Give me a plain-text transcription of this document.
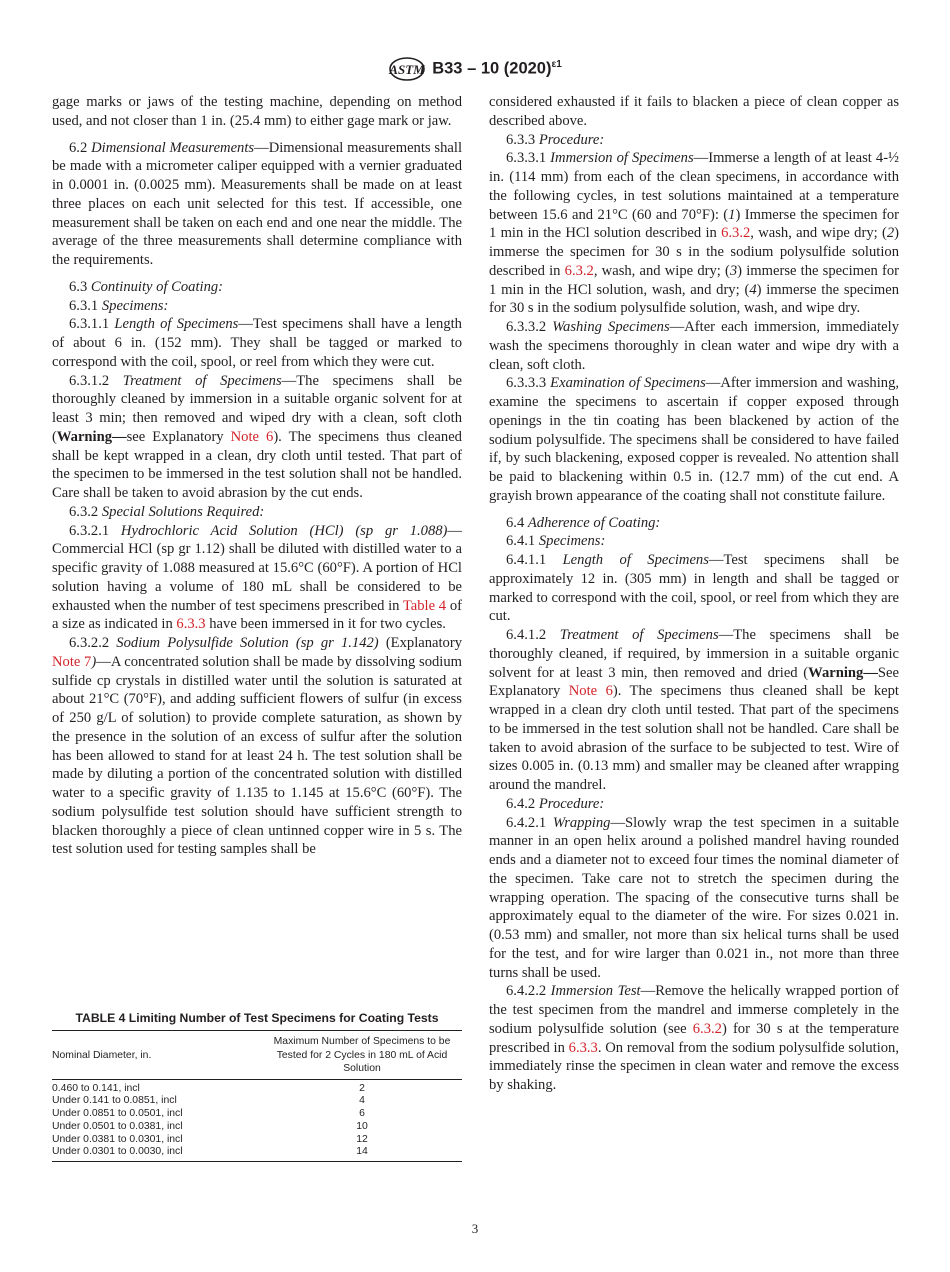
ASTM B33 – 10 $(2020)^{\varepsilon 1}$

gage marks or jaws of the testing machine, depending on method used, and not closer than 1 in. (25.4 mm) to either gage mark or jaw.

6.2 Dimensional Measurements—Dimensional measurements shall be made with a micrometer caliper equipped with a vernier graduated in 0.0001 in. (0.0025 mm). Measurements shall be made on at least three places on each unit selected for this test. If accessible, one measurement shall be taken on each end and one near the middle. The average of the three measurements shall determine compliance with the requirements.

6.3 Continuity of Coating:

6.3.1 Specimens:

6.3.1.1 Length of Specimens—Test specimens shall have a length of about 6 in. (152 mm). They shall be tagged or marked to correspond with the coil, spool, or reel from which they were cut.

6.3.1.2 Treatment of Specimens—The specimens shall be thoroughly cleaned by immersion in a suitable organic solvent for at least 3 min; then removed and wiped dry with a clean, soft cloth (Warning—see Explanatory Note 6). The specimens thus cleaned shall be kept wrapped in a clean, dry cloth until tested. That part of the specimen to be immersed in the test solution shall not be handled. Care shall be taken to avoid abrasion by the cut ends.

6.3.2 Special Solutions Required:

6.3.2.1 Hydrochloric Acid Solution (HCl) (sp gr 1.088)—Commercial HCl (sp gr 1.12) shall be diluted with distilled water to a specific gravity of 1.088 measured at 15.6°C (60°F). A portion of HCl solution having a volume of 180 mL shall be considered to be exhausted when the number of test specimens prescribed in Table 4 of a size as indicated in 6.3.3 have been immersed in it for two cycles.

6.3.2.2 Sodium Polysulfide Solution (sp gr 1.142) (Explanatory Note 7)—A concentrated solution shall be made by dissolving sodium sulfide cp crystals in distilled water until the solution is saturated at about 21°C (70°F), and adding sufficient flowers of sulfur (in excess of 250 g/L of solution) to provide complete saturation, as shown by the presence in the solution of an excess of sulfur after the solution has been allowed to stand for at least 24 h. The test solution shall be made by diluting a portion of the concentrated solution with distilled water to a specific gravity of 1.135 to 1.145 at 15.6°C (60°F). The sodium polysulfide test solution should have sufficient strength to blacken thoroughly a piece of clean untinned copper wire in 5 s. The test solution used for testing samples shall be

considered exhausted if it fails to blacken a piece of clean copper as described above.

6.3.3 Procedure:

6.3.3.1 Immersion of Specimens—Immerse a length of at least 4-½ in. (114 mm) from each of the clean specimens, in accordance with the following cycles, in test solutions maintained at a temperature between 15.6 and 21°C (60 and 70°F): (1) Immerse the specimen for 1 min in the HCl solution described in 6.3.2, wash, and wipe dry; (2) immerse the specimen for 30 s in the sodium polysulfide solution described in 6.3.2, wash, and wipe dry; (3) immerse the specimen for 1 min in the HCl solution, wash, and dry; (4) immerse the specimen for 30 s in the sodium polysulfide solution, wash, and wipe dry.

6.3.3.2 Washing Specimens—After each immersion, immediately wash the specimens thoroughly in clean water and wipe dry with a clean, soft cloth.

6.3.3.3 Examination of Specimens—After immersion and washing, examine the specimens to ascertain if copper exposed through openings in the tin coating has been blackened by action of the sodium polysulfide. The specimens shall be considered to have failed if, by such blackening, exposed copper is revealed. No attention shall be paid to blackening within 0.5 in. (12.7 mm) of the cut end. A grayish brown appearance of the coating shall not constitute failure.

6.4 Adherence of Coating:

6.4.1 Specimens:

6.4.1.1 Length of Specimens—Test specimens shall be approximately 12 in. (305 mm) in length and shall be tagged or marked to correspond with the coil, spool, or reel from which they are cut.

6.4.1.2 Treatment of Specimens—The specimens shall be thoroughly cleaned, if required, by immersion in a suitable organic solvent for at least 3 min, then removed and dried (Warning—See Explanatory Note 6). The specimens thus cleaned shall be kept wrapped in a clean dry cloth until tested. That part of the specimens to be immersed in the test solution shall not be handled. Care shall be taken to avoid abrasion of the surface to be subjected to test. Wire of sizes 0.005 in. (0.13 mm) and smaller may be cleaned after wrapping around the mandrel.

6.4.2 Procedure:

6.4.2.1 Wrapping—Slowly wrap the test specimen in a suitable manner in an open helix around a polished mandrel having rounded ends and a diameter not to exceed four times the nominal diameter of the specimen. Take care not to stretch the specimen during the wrapping operation. The spacing of the consecutive turns shall be approximately equal to the diameter of the wire. For sizes 0.021 in. (0.53 mm) and smaller, not more than six helical turns shall be used for the test, and for wire larger than 0.021 in., not more than three turns shall be used.

6.4.2.2 Immersion Test—Remove the helically wrapped portion of the test specimen from the mandrel and immerse completely in the sodium polysulfide solution (see 6.3.2) for 30 s at the temperature prescribed in 6.3.3. On removal from the sodium polysulfide solution, immediately rinse the specimen in clean water and remove the excess by shaking.

TABLE 4 Limiting Number of Test Specimens for Coating Tests
Nominal Diameter, in.	Maximum Number of Specimens to be Tested for 2 Cycles in 180 mL of Acid Solution
0.460 to 0.141, incl	2
Under 0.141 to 0.0851, incl	4
Under 0.0851 to 0.0501, incl	6
Under 0.0501 to 0.0381, incl	10
Under 0.0381 to 0.0301, incl	12
Under 0.0301 to 0.0030, incl	14
3
